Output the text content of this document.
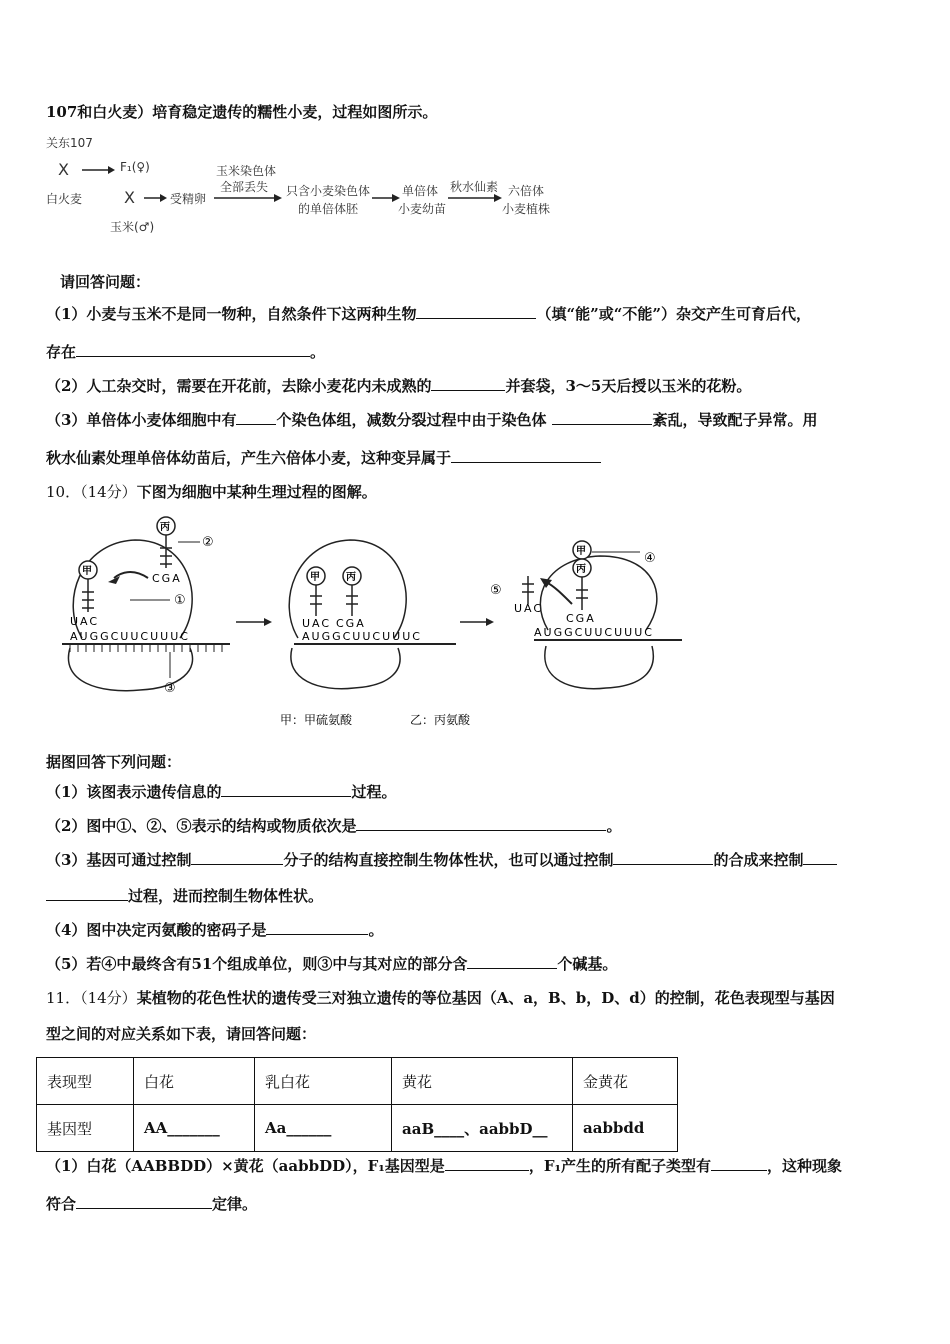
107和白火麦）培育稳定遗传的糯性小麦，过程如图所示。
关东107
X	F₁(♀)
白火麦	X	受精卵
玉米(♂)
玉米染色体
全部丢失 只含小麦染色体
的单倍体胚
单倍体
小麦幼苗
秋水仙素 六倍体
小麦植株
请回答问题：
（1）小麦与玉米不是同一物种，自然条件下这两种生物	（填“能”或“不能”）杂交产生可育后代，
存在	。
（2）人工杂交时，需要在开花前，去除小麦花内未成熟的	并套袋，3～5天后授以玉米的花粉。
（3）单倍体小麦体细胞中有	个染色体组，减数分裂过程中由于染色体	紊乱，导致配子异常。用
秋水仙素处理单倍体幼苗后，产生六倍体小麦，这种变异属于
10．（14分）下图为细胞中某种生理过程的图解。
AUGGCUUCUUUC
UAC
甲
丙
CGA
②
①
③
AUGGCUUCUUUC
UAC CGA
甲	丙
AUGGCUUCUUUC
CGA
甲
丙
④
UAC
⑤
甲：甲硫氨酸	乙：丙氨酸
据图回答下列问题：
（1）该图表示遗传信息的	过程。
（2）图中①、②、⑤表示的结构或物质依次是	。
（3）基因可通过控制	分子的结构直接控制生物体性状，也可以通过控制	的合成来控制
过程，进而控制生物体性状。
（4）图中决定丙氨酸的密码子是	。
（5）若④中最终含有51个组成单位，则③中与其对应的部分含	个碱基。
11．（14分）某植物的花色性状的遗传受三对独立遗传的等位基因（A、a，B、b，D、d）的控制，花色表现型与基因
型之间的对应关系如下表，请回答问题：
表现型	白花	乳白花	黄花	金黄花
基因型	AA_______	Aa______	aaB____、aabbD__	aabbdd
（1）白花（AABBDD）×黄花（aabbDD），F₁基因型是	，F₁产生的所有配子类型有	，这种现象
符合	定律。
